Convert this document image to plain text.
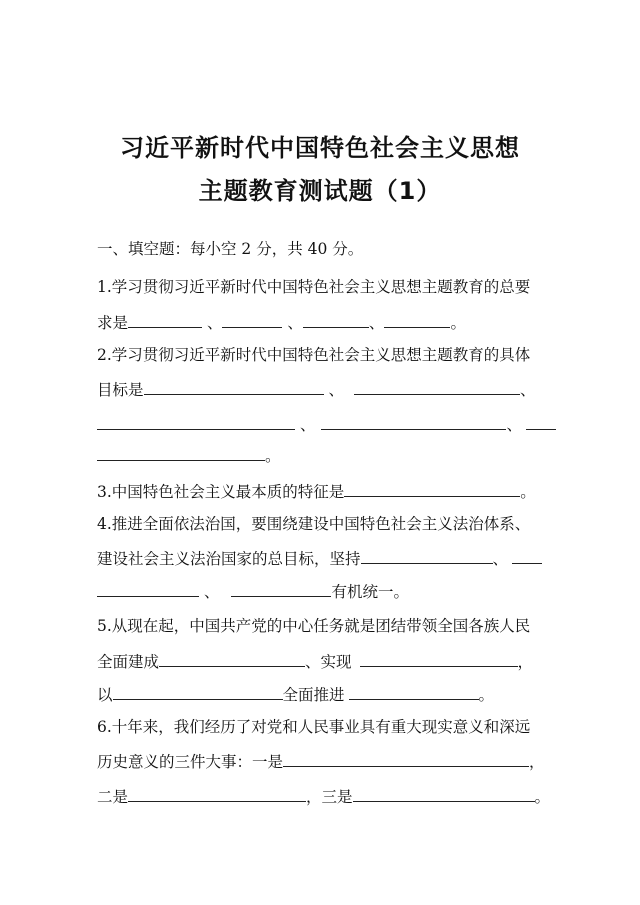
习近平新时代中国特色社会主义思想
主题教育测试题（1）
一、填空题：每小空 2 分，共 40 分。
1.学习贯彻习近平新时代中国特色社会主义思想主题教育的总要
求是	、	、	、	。
2.学习贯彻习近平新时代中国特色社会主义思想主题教育的具体
目标是	、	、
、	、
。
3.中国特色社会主义最本质的特征是	。
4.推进全面依法治国，要围绕建设中国特色社会主义法治体系、
建设社会主义法治国家的总目标，坚持	、
、	有机统一。
5.从现在起，中国共产党的中心任务就是团结带领全国各族人民
全面建成	、实现	，
以	全面推进	。
6.十年来，我们经历了对党和人民事业具有重大现实意义和深远
历史意义的三件大事：一是	，
二是	，三是	。
